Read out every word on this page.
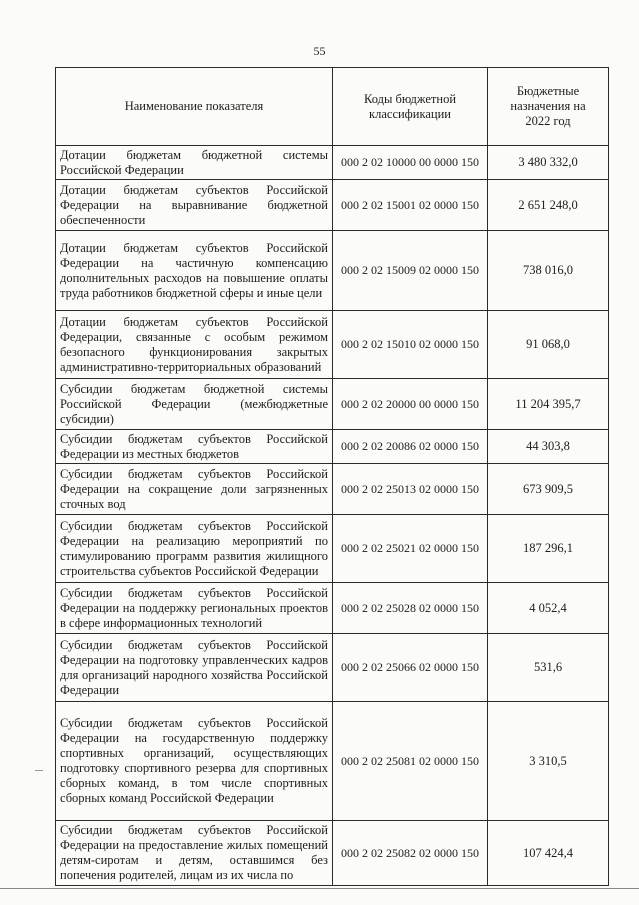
55
Наименование показателя	Коды бюджетной классификации	Бюджетные назначения на 2022 год
Дотации бюджетам бюджетной системы Российской Федерации	000 2 02 10000 00 0000 150	3 480 332,0
Дотации бюджетам субъектов Российской Федерации на выравнивание бюджетной обеспеченности	000 2 02 15001 02 0000 150	2 651 248,0
Дотации бюджетам субъектов Российской Федерации на частичную компенсацию дополнительных расходов на повышение оплаты труда работников бюджетной сферы и иные цели	000 2 02 15009 02 0000 150	738 016,0
Дотации бюджетам субъектов Российской Федерации, связанные с особым режимом безопасного функционирования закрытых административно-территориальных образований	000 2 02 15010 02 0000 150	91 068,0
Субсидии бюджетам бюджетной системы Российской Федерации (межбюджетные субсидии)	000 2 02 20000 00 0000 150	11 204 395,7
Субсидии бюджетам субъектов Российской Федерации из местных бюджетов	000 2 02 20086 02 0000 150	44 303,8
Субсидии бюджетам субъектов Российской Федерации на сокращение доли загрязненных сточных вод	000 2 02 25013 02 0000 150	673 909,5
Субсидии бюджетам субъектов Российской Федерации на реализацию мероприятий по стимулированию программ развития жилищного строительства субъектов Российской Федерации	000 2 02 25021 02 0000 150	187 296,1
Субсидии бюджетам субъектов Российской Федерации на поддержку региональных проектов в сфере информационных технологий	000 2 02 25028 02 0000 150	4 052,4
Субсидии бюджетам субъектов Российской Федерации на подготовку управленческих кадров для организаций народного хозяйства Российской Федерации	000 2 02 25066 02 0000 150	531,6
Субсидии бюджетам субъектов Российской Федерации на государственную поддержку спортивных организаций, осуществляющих подготовку спортивного резерва для спортивных сборных команд, в том числе спортивных сборных команд Российской Федерации	000 2 02 25081 02 0000 150	3 310,5
Субсидии бюджетам субъектов Российской Федерации на предоставление жилых помещений детям-сиротам и детям, оставшимся без попечения родителей, лицам из их числа по	000 2 02 25082 02 0000 150	107 424,4
